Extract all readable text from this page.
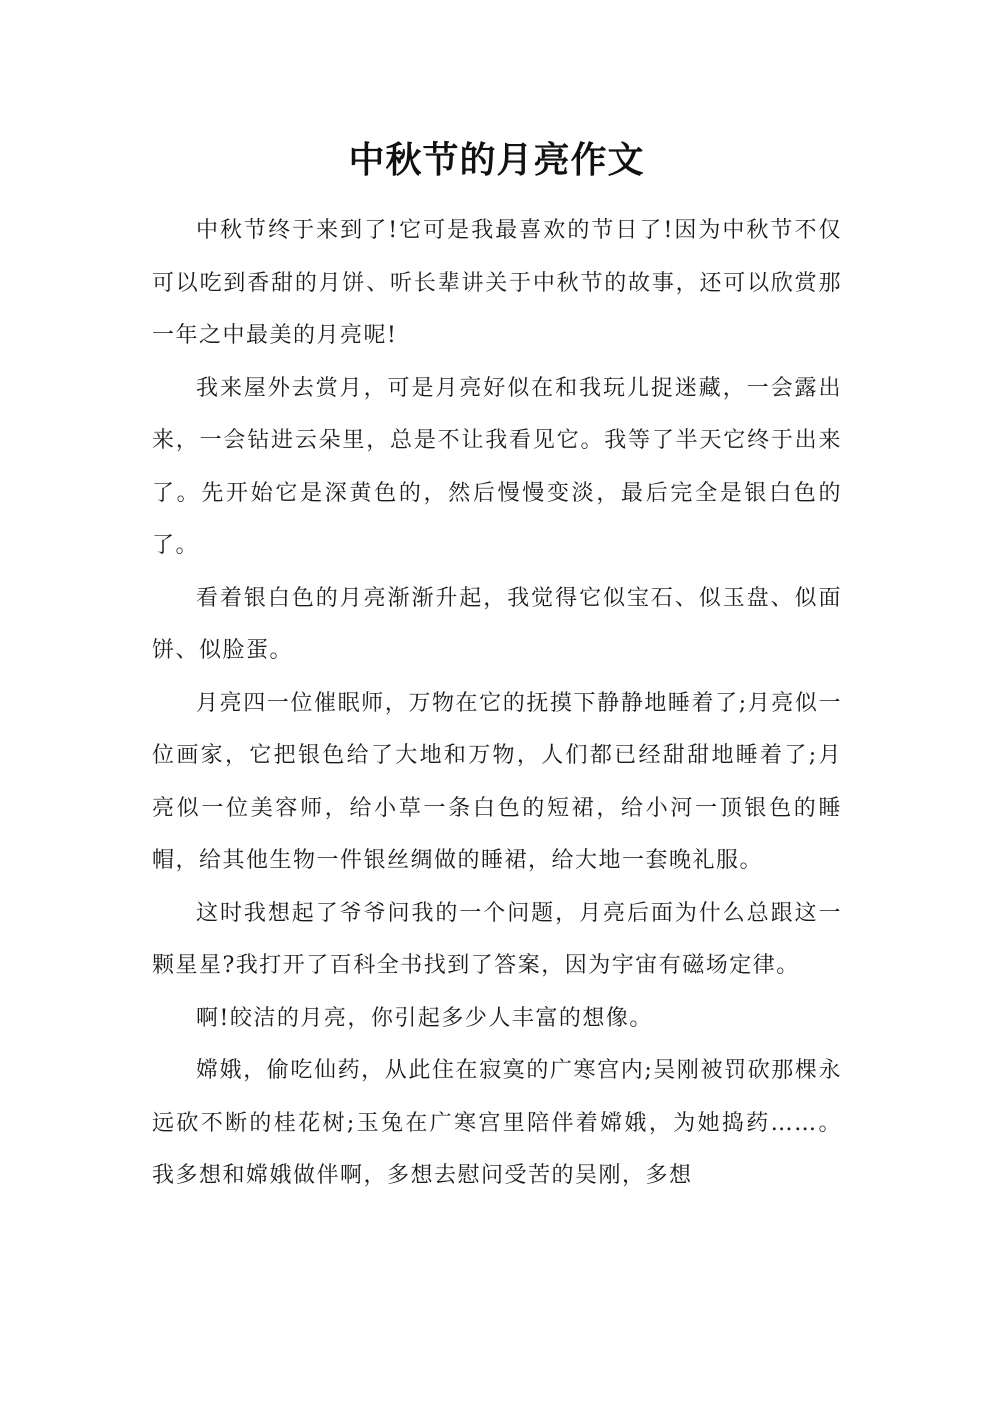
中秋节的月亮作文

中秋节终于来到了!它可是我最喜欢的节日了!因为中秋节不仅可以吃到香甜的月饼、听长辈讲关于中秋节的故事，还可以欣赏那一年之中最美的月亮呢!

我来屋外去赏月，可是月亮好似在和我玩儿捉迷藏，一会露出来，一会钻进云朵里，总是不让我看见它。我等了半天它终于出来了。先开始它是深黄色的，然后慢慢变淡，最后完全是银白色的了。

看着银白色的月亮渐渐升起，我觉得它似宝石、似玉盘、似面饼、似脸蛋。

月亮四一位催眠师，万物在它的抚摸下静静地睡着了;月亮似一位画家，它把银色给了大地和万物，人们都已经甜甜地睡着了;月亮似一位美容师，给小草一条白色的短裙，给小河一顶银色的睡帽，给其他生物一件银丝绸做的睡裙，给大地一套晚礼服。

这时我想起了爷爷问我的一个问题，月亮后面为什么总跟这一颗星星?我打开了百科全书找到了答案，因为宇宙有磁场定律。

啊!皎洁的月亮，你引起多少人丰富的想像。

嫦娥，偷吃仙药，从此住在寂寞的广寒宫内;吴刚被罚砍那棵永远砍不断的桂花树;玉兔在广寒宫里陪伴着嫦娥，为她捣药……。我多想和嫦娥做伴啊，多想去慰问受苦的吴刚，多想
